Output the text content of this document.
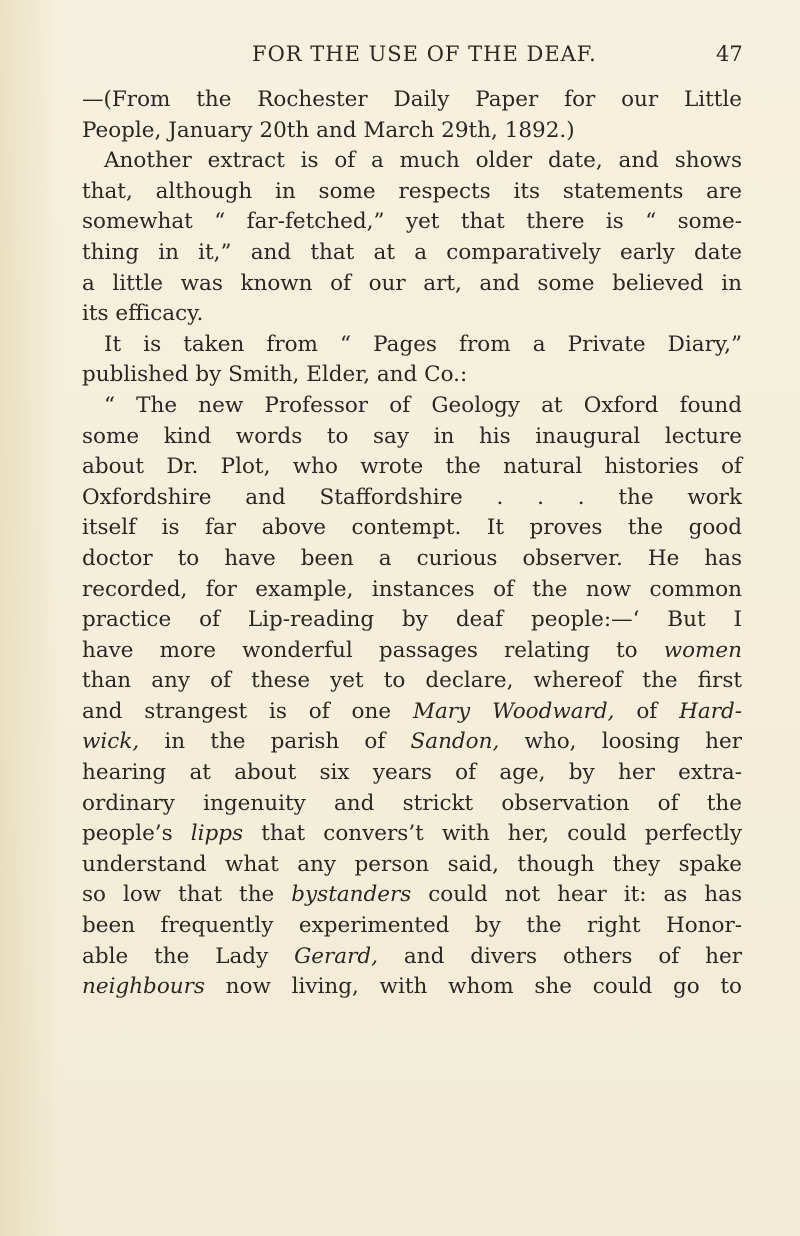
FOR THE USE OF THE DEAF.	47
—(From the Rochester Daily Paper for our Little
People, January 20th and March 29th, 1892.)
Another extract is of a much older date, and shows
that, although in some respects its statements are
somewhat “ far-fetched,” yet that there is “ some-
thing in it,” and that at a comparatively early date
a little was known of our art, and some believed in
its efficacy.
It is taken from “ Pages from a Private Diary,”
published by Smith, Elder, and Co.:
“ The new Professor of Geology at Oxford found
some kind words to say in his inaugural lecture
about Dr. Plot, who wrote the natural histories of
Oxfordshire and Staffordshire . . . the work
itself is far above contempt. It proves the good
doctor to have been a curious observer. He has
recorded, for example, instances of the now common
practice of Lip-reading by deaf people:—‘ But I
have more wonderful passages relating to women
than any of these yet to declare, whereof the first
and strangest is of one Mary Woodward, of Hard-
wick, in the parish of Sandon, who, loosing her
hearing at about six years of age, by her extra-
ordinary ingenuity and strickt observation of the
people’s lipps that convers’t with her, could perfectly
understand what any person said, though they spake
so low that the bystanders could not hear it: as has
been frequently experimented by the right Honor-
able the Lady Gerard, and divers others of her
neighbours now living, with whom she could go to
